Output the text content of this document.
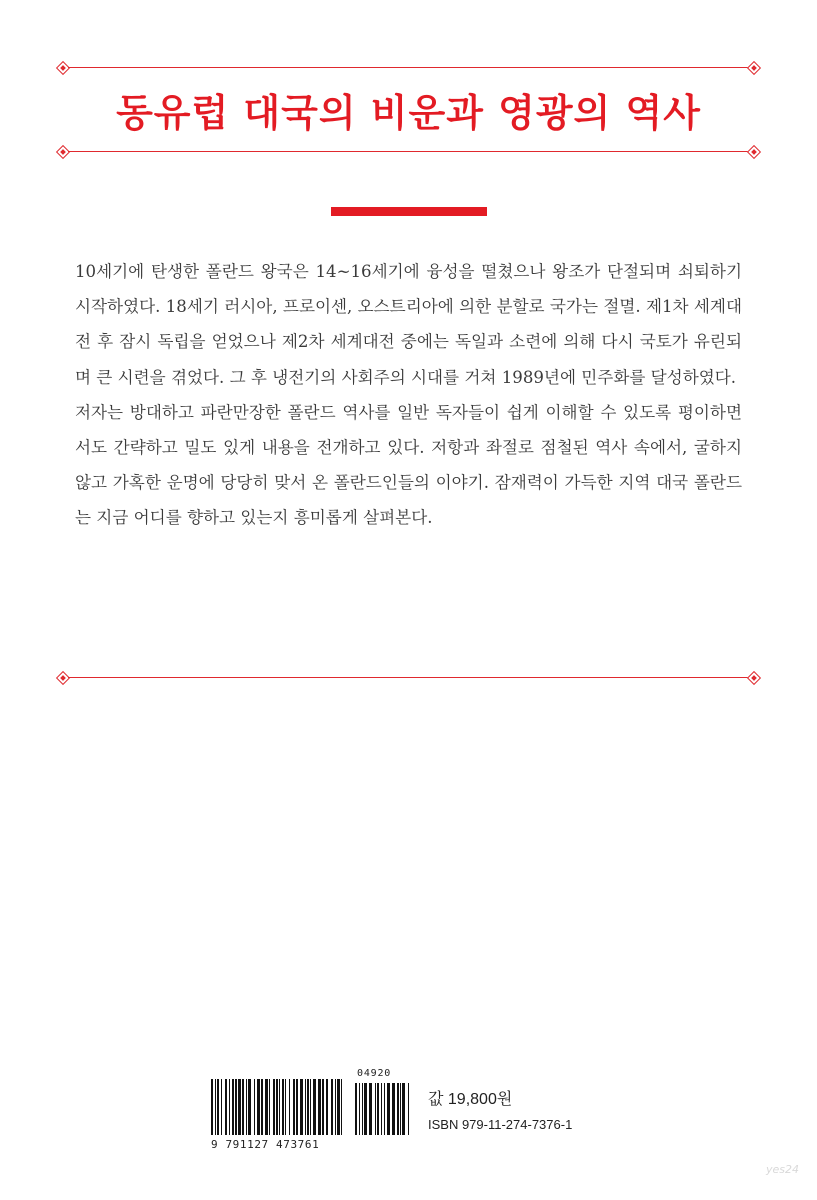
동유럽 대국의 비운과 영광의 역사

10세기에 탄생한 폴란드 왕국은 14~16세기에 융성을 떨쳤으나 왕조가 단절되며 쇠퇴하기 시작하였다. 18세기 러시아, 프로이센, 오스트리아에 의한 분할로 국가는 절멸. 제1차 세계대전 후 잠시 독립을 얻었으나 제2차 세계대전 중에는 독일과 소련에 의해 다시 국토가 유린되며 큰 시련을 겪었다. 그 후 냉전기의 사회주의 시대를 거쳐 1989년에 민주화를 달성하였다.

저자는 방대하고 파란만장한 폴란드 역사를 일반 독자들이 쉽게 이해할 수 있도록 평이하면서도 간략하고 밀도 있게 내용을 전개하고 있다. 저항과 좌절로 점철된 역사 속에서, 굴하지 않고 가혹한 운명에 당당히 맞서 온 폴란드인들의 이야기. 잠재력이 가득한 지역 대국 폴란드는 지금 어디를 향하고 있는지 흥미롭게 살펴본다.

9 791127 473761
04920
값 19,800원
ISBN 979-11-274-7376-1
yes24
